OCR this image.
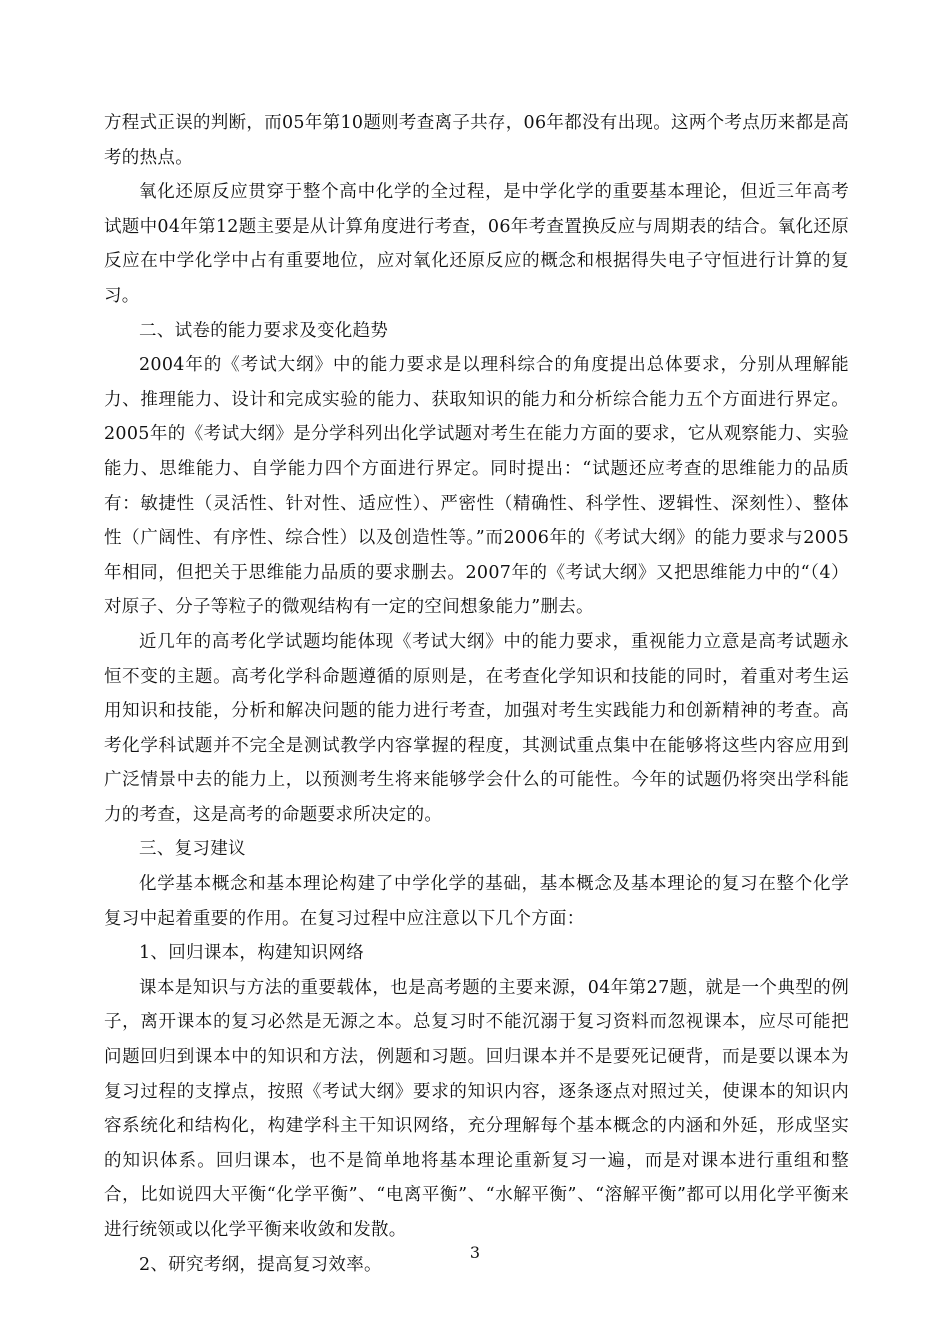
方程式正误的判断，而05年第10题则考查离子共存，06年都没有出现。这两个考点历来都是高考的热点。

氧化还原反应贯穿于整个高中化学的全过程，是中学化学的重要基本理论，但近三年高考试题中04年第12题主要是从计算角度进行考查，06年考查置换反应与周期表的结合。氧化还原反应在中学化学中占有重要地位，应对氧化还原反应的概念和根据得失电子守恒进行计算的复习。

二、试卷的能力要求及变化趋势

2004年的《考试大纲》中的能力要求是以理科综合的角度提出总体要求，分别从理解能力、推理能力、设计和完成实验的能力、获取知识的能力和分析综合能力五个方面进行界定。2005年的《考试大纲》是分学科列出化学试题对考生在能力方面的要求，它从观察能力、实验能力、思维能力、自学能力四个方面进行界定。同时提出：“试题还应考查的思维能力的品质有：敏捷性（灵活性、针对性、适应性）、严密性（精确性、科学性、逻辑性、深刻性）、整体性（广阔性、有序性、综合性）以及创造性等。”而2006年的《考试大纲》的能力要求与2005年相同，但把关于思维能力品质的要求删去。2007年的《考试大纲》又把思维能力中的“（4）对原子、分子等粒子的微观结构有一定的空间想象能力”删去。

近几年的高考化学试题均能体现《考试大纲》中的能力要求，重视能力立意是高考试题永恒不变的主题。高考化学科命题遵循的原则是，在考查化学知识和技能的同时，着重对考生运用知识和技能，分析和解决问题的能力进行考查，加强对考生实践能力和创新精神的考查。高考化学科试题并不完全是测试教学内容掌握的程度，其测试重点集中在能够将这些内容应用到广泛情景中去的能力上，以预测考生将来能够学会什么的可能性。今年的试题仍将突出学科能力的考查，这是高考的命题要求所决定的。

三、复习建议

化学基本概念和基本理论构建了中学化学的基础，基本概念及基本理论的复习在整个化学复习中起着重要的作用。在复习过程中应注意以下几个方面：

1、回归课本，构建知识网络

课本是知识与方法的重要载体，也是高考题的主要来源，04年第27题，就是一个典型的例子，离开课本的复习必然是无源之本。总复习时不能沉溺于复习资料而忽视课本，应尽可能把问题回归到课本中的知识和方法，例题和习题。回归课本并不是要死记硬背，而是要以课本为复习过程的支撑点，按照《考试大纲》要求的知识内容，逐条逐点对照过关，使课本的知识内容系统化和结构化，构建学科主干知识网络，充分理解每个基本概念的内涵和外延，形成坚实的知识体系。回归课本，也不是简单地将基本理论重新复习一遍，而是对课本进行重组和整合，比如说四大平衡“化学平衡”、“电离平衡”、“水解平衡”、“溶解平衡”都可以用化学平衡来进行统领或以化学平衡来收敛和发散。

2、研究考纲，提高复习效率。

3
